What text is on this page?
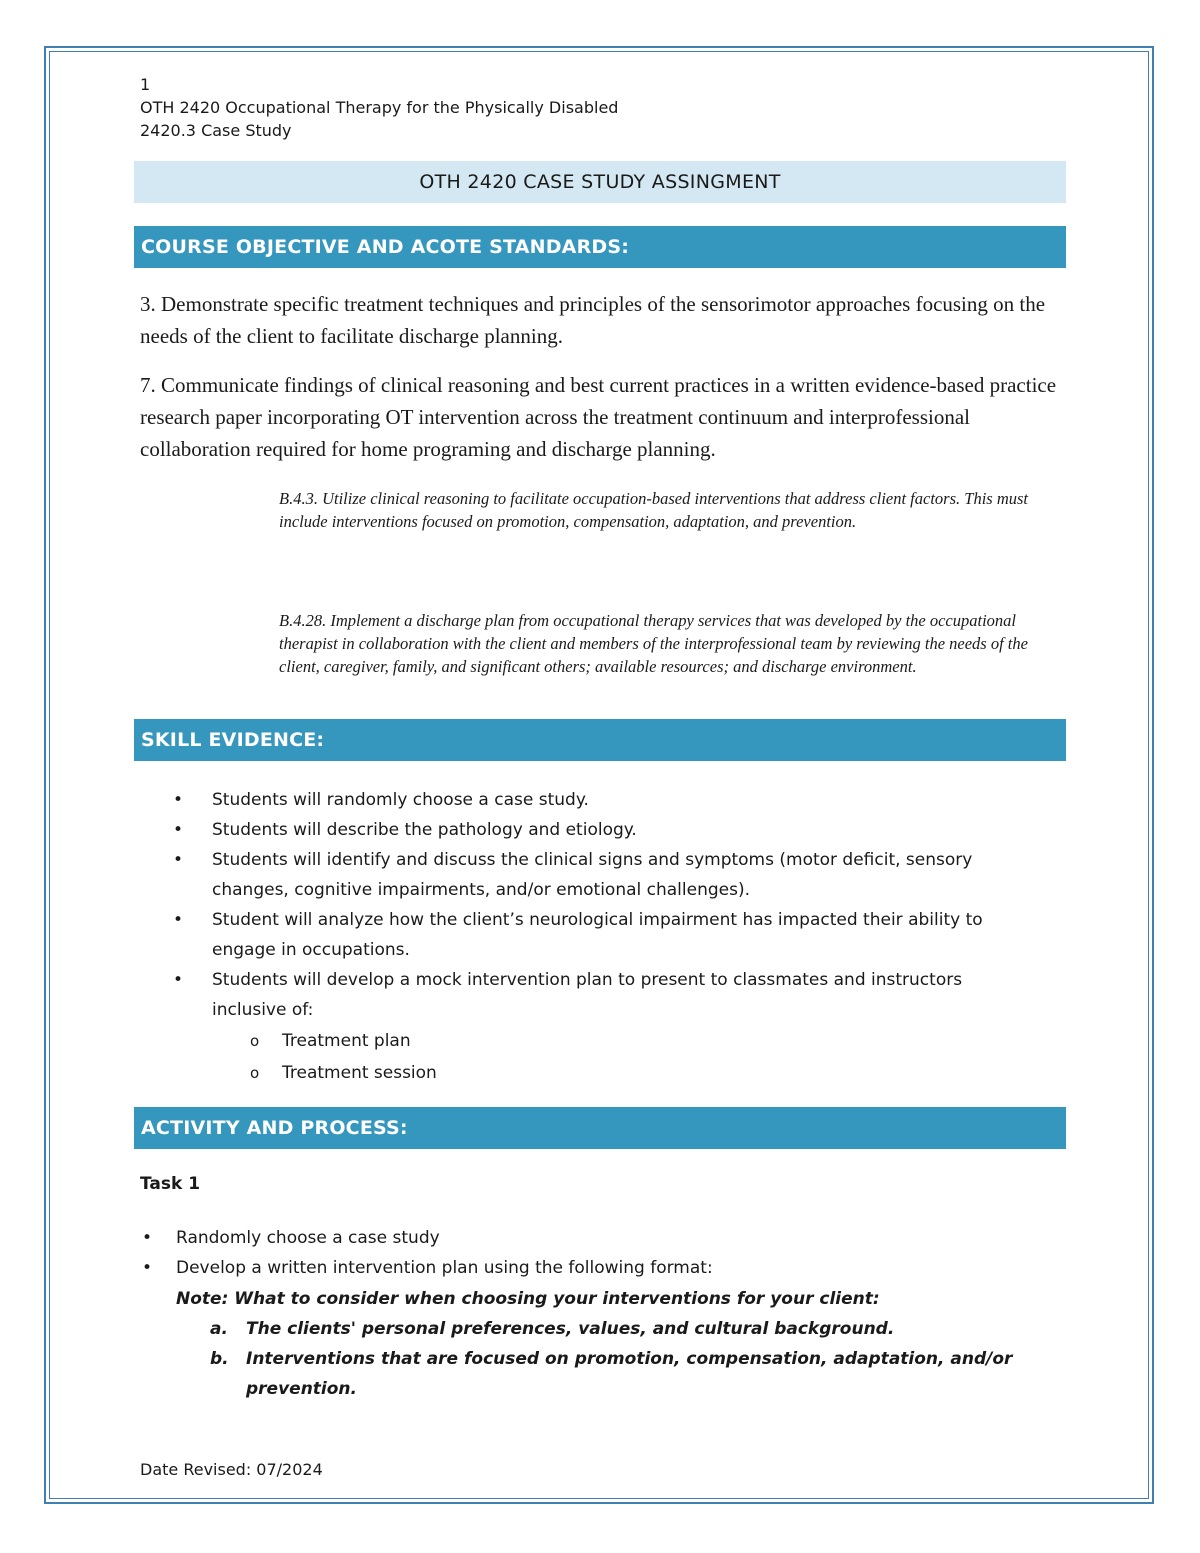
1
OTH 2420 Occupational Therapy for the Physically Disabled
2420.3 Case Study
OTH 2420 CASE STUDY ASSINGMENT
COURSE OBJECTIVE AND ACOTE STANDARDS:
3. Demonstrate specific treatment techniques and principles of the sensorimotor approaches focusing on the needs of the client to facilitate discharge planning.
7. Communicate findings of clinical reasoning and best current practices in a written evidence-based practice research paper incorporating OT intervention across the treatment continuum and interprofessional collaboration required for home programing and discharge planning.
B.4.3. Utilize clinical reasoning to facilitate occupation-based interventions that address client factors. This must include interventions focused on promotion, compensation, adaptation, and prevention.
B.4.28. Implement a discharge plan from occupational therapy services that was developed by the occupational therapist in collaboration with the client and members of the interprofessional team by reviewing the needs of the client, caregiver, family, and significant others; available resources; and discharge environment.
SKILL EVIDENCE:
• Students will randomly choose a case study.
• Students will describe the pathology and etiology.
• Students will identify and discuss the clinical signs and symptoms (motor deficit, sensory changes, cognitive impairments, and/or emotional challenges).
• Student will analyze how the client’s neurological impairment has impacted their ability to engage in occupations.
• Students will develop a mock intervention plan to present to classmates and instructors inclusive of:
o Treatment plan
o Treatment session
ACTIVITY AND PROCESS:
Task 1
• Randomly choose a case study
• Develop a written intervention plan using the following format:
Note: What to consider when choosing your interventions for your client:
a. The clients' personal preferences, values, and cultural background.
b. Interventions that are focused on promotion, compensation, adaptation, and/or prevention.
Date Revised: 07/2024
